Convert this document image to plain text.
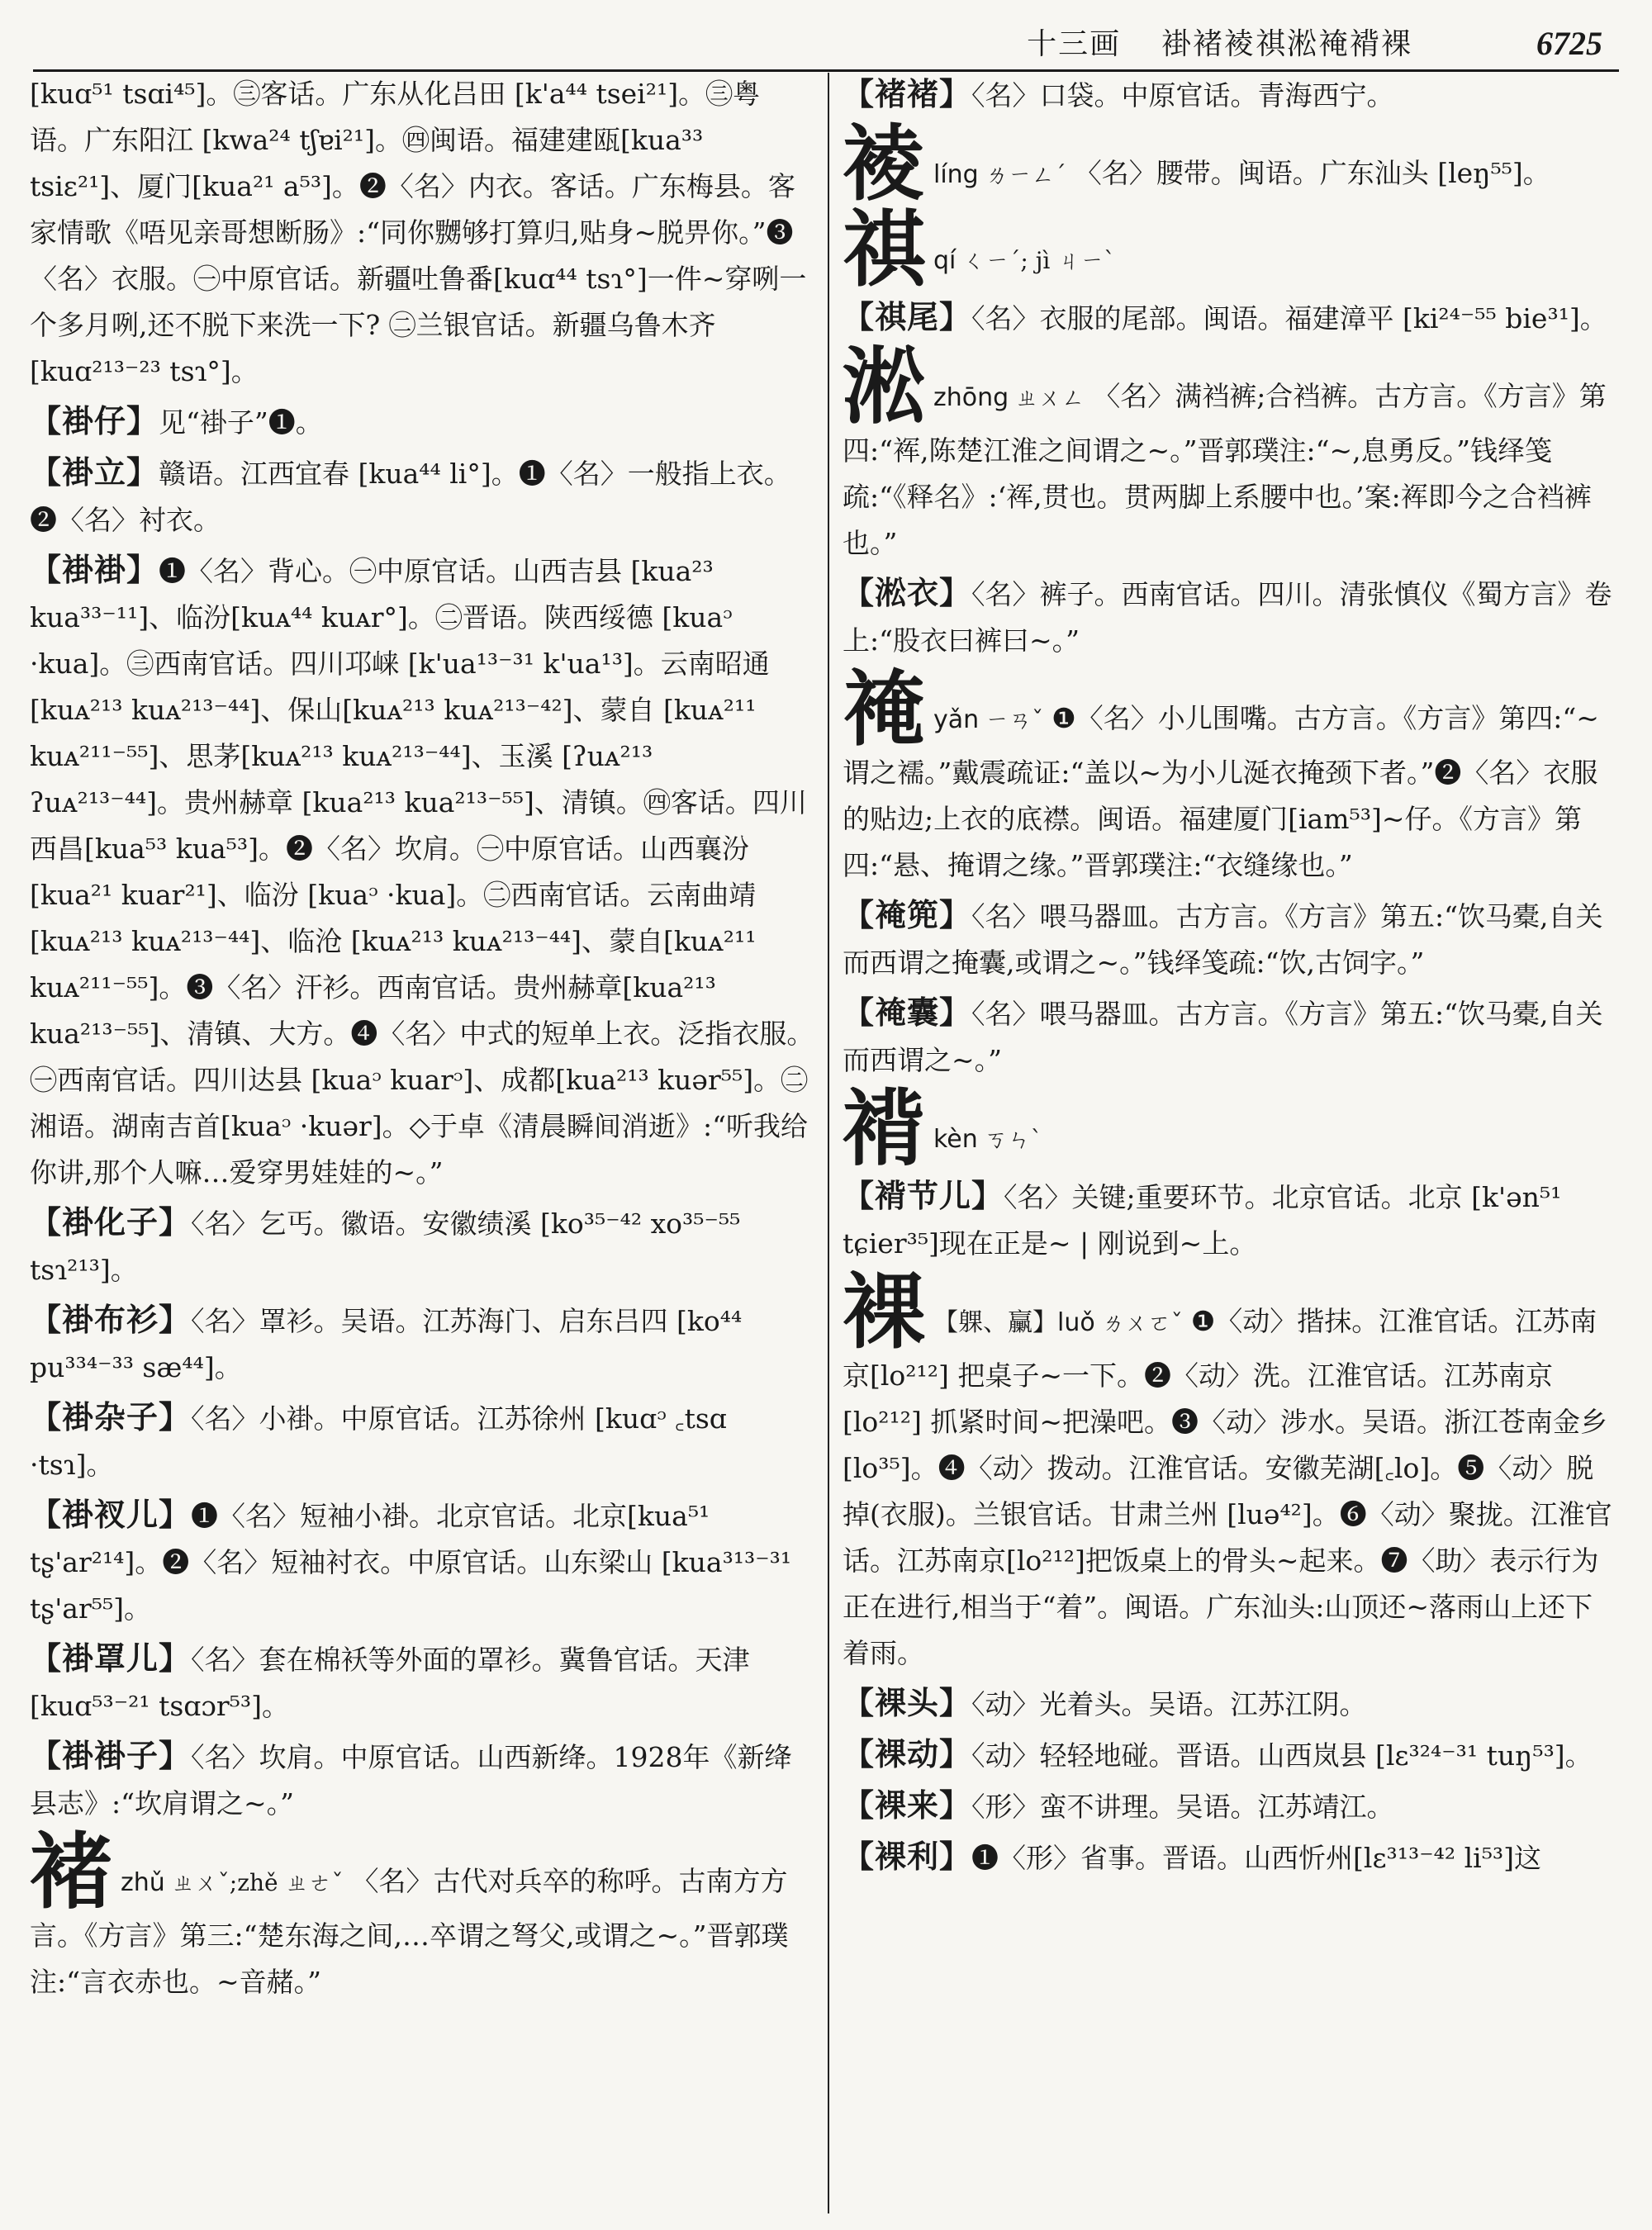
十三画 褂褚裬祺淞裺褙裸	6725
[kuɑ⁵¹ tsɑi⁴⁵]。㊂客话。广东从化吕田 [k'a⁴⁴ tsei²¹]。㊂粤语。广东阳江 [kwa²⁴ tʃɐi²¹]。㊃闽语。福建建瓯[kua³³ tsiɛ²¹]、厦门[kua²¹ a⁵³]。❷〈名〉内衣。客话。广东梅县。客家情歌《唔见亲哥想断肠》:“同你嬲够打算归,贴身~脱畀你。”❸〈名〉衣服。㊀中原官话。新疆吐鲁番[kuɑ⁴⁴ tsɿ°]一件~穿咧一个多月咧,还不脱下来洗一下? ㊁兰银官话。新疆乌鲁木齐[kuɑ²¹³⁻²³ tsɿ°]。
【褂仔】见“褂子”❶。
【褂立】赣语。江西宜春 [kua⁴⁴ li°]。❶〈名〉一般指上衣。❷〈名〉衬衣。
【褂褂】❶〈名〉背心。㊀中原官话。山西吉县 [kua²³ kua³³⁻¹¹]、临汾[kuᴀ⁴⁴ kuᴀr°]。㊁晋语。陕西绥德 [kuaᵓ ·kua]。㊂西南官话。四川邛崃 [k'ua¹³⁻³¹ k'ua¹³]。云南昭通[kuᴀ²¹³ kuᴀ²¹³⁻⁴⁴]、保山[kuᴀ²¹³ kuᴀ²¹³⁻⁴²]、蒙自 [kuᴀ²¹¹ kuᴀ²¹¹⁻⁵⁵]、思茅[kuᴀ²¹³ kuᴀ²¹³⁻⁴⁴]、玉溪 [ʔuᴀ²¹³ ʔuᴀ²¹³⁻⁴⁴]。贵州赫章 [kua²¹³ kua²¹³⁻⁵⁵]、清镇。㊃客话。四川西昌[kua⁵³ kua⁵³]。❷〈名〉坎肩。㊀中原官话。山西襄汾[kua²¹ kuar²¹]、临汾 [kuaᵓ ·kua]。㊁西南官话。云南曲靖 [kuᴀ²¹³ kuᴀ²¹³⁻⁴⁴]、临沧 [kuᴀ²¹³ kuᴀ²¹³⁻⁴⁴]、蒙自[kuᴀ²¹¹ kuᴀ²¹¹⁻⁵⁵]。❸〈名〉汗衫。西南官话。贵州赫章[kua²¹³ kua²¹³⁻⁵⁵]、清镇、大方。❹〈名〉中式的短单上衣。泛指衣服。㊀西南官话。四川达县 [kuaᵓ kuarᵓ]、成都[kua²¹³ kuər⁵⁵]。㊁湘语。湖南吉首[kuaᵓ ·kuər]。◇于卓《清晨瞬间消逝》:“听我给你讲,那个人嘛…爱穿男娃娃的~。”
【褂化子】〈名〉乞丐。徽语。安徽绩溪 [ko³⁵⁻⁴² xo³⁵⁻⁵⁵ tsɿ²¹³]。
【褂布衫】〈名〉罩衫。吴语。江苏海门、启东吕四 [ko⁴⁴ pu³³⁴⁻³³ sæ⁴⁴]。
【褂杂子】〈名〉小褂。中原官话。江苏徐州 [kuɑᵓ ꜀tsɑ ·tsɿ]。
【褂衩儿】❶〈名〉短袖小褂。北京官话。北京[kua⁵¹ tʂ'ar²¹⁴]。❷〈名〉短袖衬衣。中原官话。山东梁山 [kua³¹³⁻³¹ tʂ'ar⁵⁵]。
【褂罩儿】〈名〉套在棉袄等外面的罩衫。冀鲁官话。天津[kuɑ⁵³⁻²¹ tsɑɔr⁵³]。
【褂褂子】〈名〉坎肩。中原官话。山西新绛。1928年《新绛县志》:“坎肩谓之~。”
褚zhǔ ㄓㄨˇ;zhě ㄓㄜˇ 〈名〉古代对兵卒的称呼。古南方方言。《方言》第三:“楚东海之间,…卒谓之弩父,或谓之~。”晋郭璞注:“言衣赤也。~音赭。”
【褚褚】〈名〉口袋。中原官话。青海西宁。
裬líng ㄌㄧㄥˊ 〈名〉腰带。闽语。广东汕头 [leŋ⁵⁵]。
祺qí ㄑㄧˊ; jì ㄐㄧˋ
【祺尾】〈名〉衣服的尾部。闽语。福建漳平 [ki²⁴⁻⁵⁵ bie³¹]。
淞zhōng ㄓㄨㄥ 〈名〉满裆裤;合裆裤。古方言。《方言》第四:“裈,陈楚江淮之间谓之~。”晋郭璞注:“~,息勇反。”钱绎笺疏:“《释名》:‘裈,贯也。贯两脚上系腰中也。’案:裈即今之合裆裤也。”
【淞衣】〈名〉裤子。西南官话。四川。清张慎仪《蜀方言》卷上:“股衣曰裤曰~。”
裺yǎn ㄧㄢˇ ❶〈名〉小儿围嘴。古方言。《方言》第四:“~谓之襦。”戴震疏证:“盖以~为小儿涎衣掩颈下者。”❷〈名〉衣服的贴边;上衣的底襟。闽语。福建厦门[iam⁵³]~仔。《方言》第四:“悬、掩谓之缘。”晋郭璞注:“衣缝缘也。”
【裺篼】〈名〉喂马器皿。古方言。《方言》第五:“饮马橐,自关而西谓之掩囊,或谓之~。”钱绎笺疏:“饮,古饲字。”
【裺囊】〈名〉喂马器皿。古方言。《方言》第五:“饮马橐,自关而西谓之~。”
褙kèn ㄎㄣˋ
【褙节儿】〈名〉关键;重要环节。北京官话。北京 [k'ən⁵¹ tɕier³⁵]现在正是~ | 刚说到~上。
裸 【躶、臝】luǒ ㄌㄨㄛˇ ❶〈动〉揩抹。江淮官话。江苏南京[lo²¹²] 把桌子~一下。❷〈动〉洗。江淮官话。江苏南京 [lo²¹²] 抓紧时间~把澡吧。❸〈动〉涉水。吴语。浙江苍南金乡 [lo³⁵]。❹〈动〉拨动。江淮官话。安徽芜湖[꜀lo]。❺〈动〉脱掉(衣服)。兰银官话。甘肃兰州 [luə⁴²]。❻〈动〉聚拢。江淮官话。江苏南京[lo²¹²]把饭桌上的骨头~起来。❼〈助〉表示行为正在进行,相当于“着”。闽语。广东汕头:山顶还~落雨山上还下着雨。
【裸头】〈动〉光着头。吴语。江苏江阴。
【裸动】〈动〉轻轻地碰。晋语。山西岚县 [lɛ³²⁴⁻³¹ tuŋ⁵³]。
【裸来】〈形〉蛮不讲理。吴语。江苏靖江。
【裸利】❶〈形〉省事。晋语。山西忻州[lɛ³¹³⁻⁴² li⁵³]这
